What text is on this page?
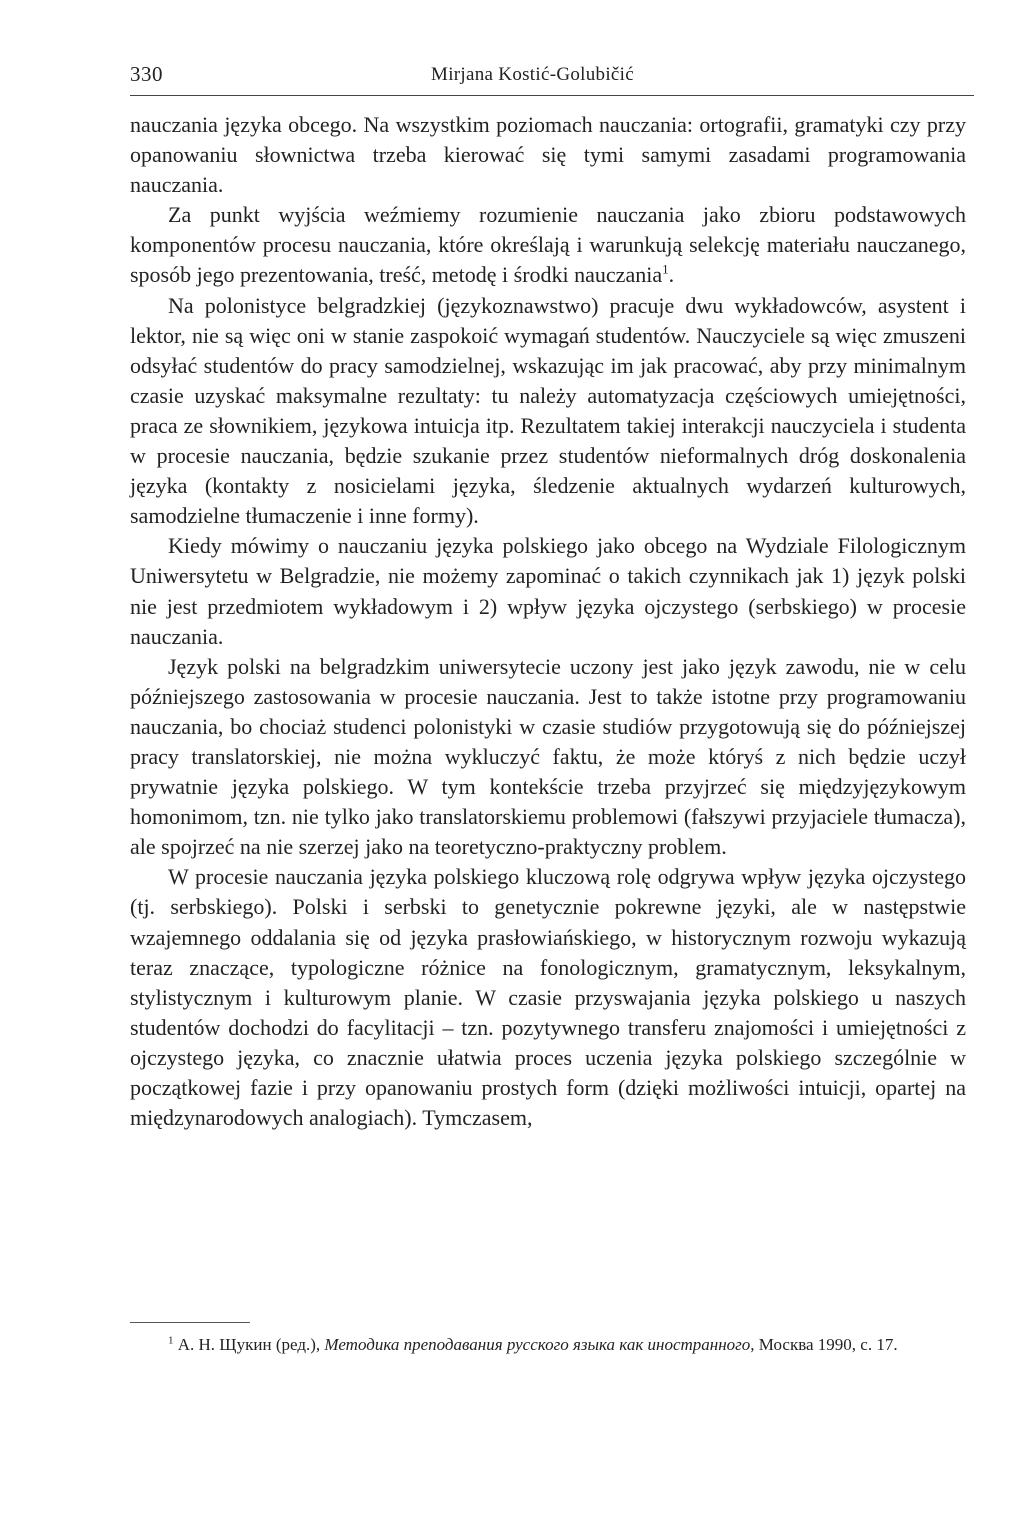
330	Mirjana Kostić-Golubičić

nauczania języka obcego. Na wszystkim poziomach nauczania: ortografii, gramatyki czy przy opanowaniu słownictwa trzeba kierować się tymi samymi zasadami programowania nauczania.

Za punkt wyjścia weźmiemy rozumienie nauczania jako zbioru podstawowych komponentów procesu nauczania, które określają i warunkują selekcję materiału nauczanego, sposób jego prezentowania, treść, metodę i środki nauczania$^1$.

Na polonistyce belgradzkiej (językoznawstwo) pracuje dwu wykładowców, asystent i lektor, nie są więc oni w stanie zaspokoić wymagań studentów. Nauczyciele są więc zmuszeni odsyłać studentów do pracy samodzielnej, wskazując im jak pracować, aby przy minimalnym czasie uzyskać maksymalne rezultaty: tu należy automatyzacja częściowych umiejętności, praca ze słownikiem, językowa intuicja itp. Rezultatem takiej interakcji nauczyciela i studenta w procesie nauczania, będzie szukanie przez studentów nieformalnych dróg doskonalenia języka (kontakty z nosicielami języka, śledzenie aktualnych wydarzeń kulturowych, samodzielne tłumaczenie i inne formy).

Kiedy mówimy o nauczaniu języka polskiego jako obcego na Wydziale Filologicznym Uniwersytetu w Belgradzie, nie możemy zapominać o takich czynnikach jak 1) język polski nie jest przedmiotem wykładowym i 2) wpływ języka ojczystego (serbskiego) w procesie nauczania.

Język polski na belgradzkim uniwersytecie uczony jest jako język zawodu, nie w celu późniejszego zastosowania w procesie nauczania. Jest to także istotne przy programowaniu nauczania, bo chociaż studenci polonistyki w czasie studiów przygotowują się do późniejszej pracy translatorskiej, nie można wykluczyć faktu, że może któryś z nich będzie uczył prywatnie języka polskiego. W tym kontekście trzeba przyjrzeć się międzyjęzykowym homonimom, tzn. nie tylko jako translatorskiemu problemowi (fałszywi przyjaciele tłumacza), ale spojrzeć na nie szerzej jako na teoretyczno-praktyczny problem.

W procesie nauczania języka polskiego kluczową rolę odgrywa wpływ języka ojczystego (tj. serbskiego). Polski i serbski to genetycznie pokrewne języki, ale w następstwie wzajemnego oddalania się od języka prasłowiańskiego, w historycznym rozwoju wykazują teraz znaczące, typologiczne różnice na fonologicznym, gramatycznym, leksykalnym, stylistycznym i kulturowym planie. W czasie przyswajania języka polskiego u naszych studentów dochodzi do facylitacji – tzn. pozytywnego transferu znajomości i umiejętności z ojczystego języka, co znacznie ułatwia proces uczenia języka polskiego szczególnie w początkowej fazie i przy opanowaniu prostych form (dzięki możliwości intuicji, opartej na międzynarodowych analogiach). Tymczasem,

$^1$ А. Н. Щукин (ред.), Методика преподавания русского языка как иностранного, Москва 1990, с. 17.
